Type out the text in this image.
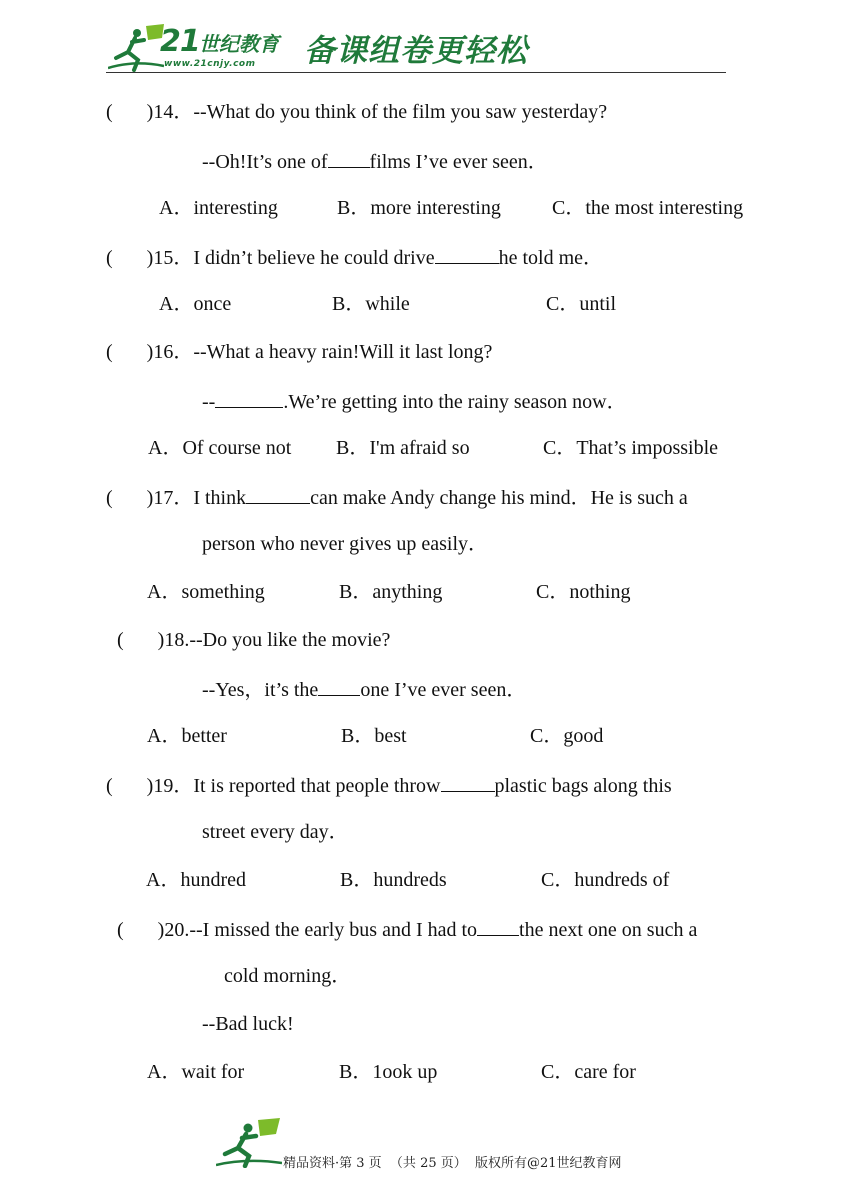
21 世纪教育
www.21cnjy.com 备课组卷更轻松
( )14．--What do you think of the film you saw yesterday?
--Oh!It’s one of films I’ve ever seen．
A．interesting	B．more interesting	C．the most interesting
( )15．I didn’t believe he could drive	he told me．
A．once	B．while	C．until
( )16．--What a heavy rain!Will it last long?
--	.We’re getting into the rainy season now．
A．Of course not B．I'm afraid so	C．That’s impossible
( )17．I think	can make Andy change his mind．He is such a
person who never gives up easily．
A．something	B．anything	C．nothing
( )18.--Do you like the movie?
--Yes，it’s the one I’ve ever seen．
A．better	B．best	C．good
( )19．It is reported that people throw	plastic bags along this
street every day．
A．hundred	B．hundreds	C．hundreds of
( )20.--I missed the early bus and I had to the next one on such a
cold morning．
--Bad luck!
A．wait for	B．1ook up	C．care for
精品资料·第 3 页  （共 25 页）  版权所有@21世纪教育网
